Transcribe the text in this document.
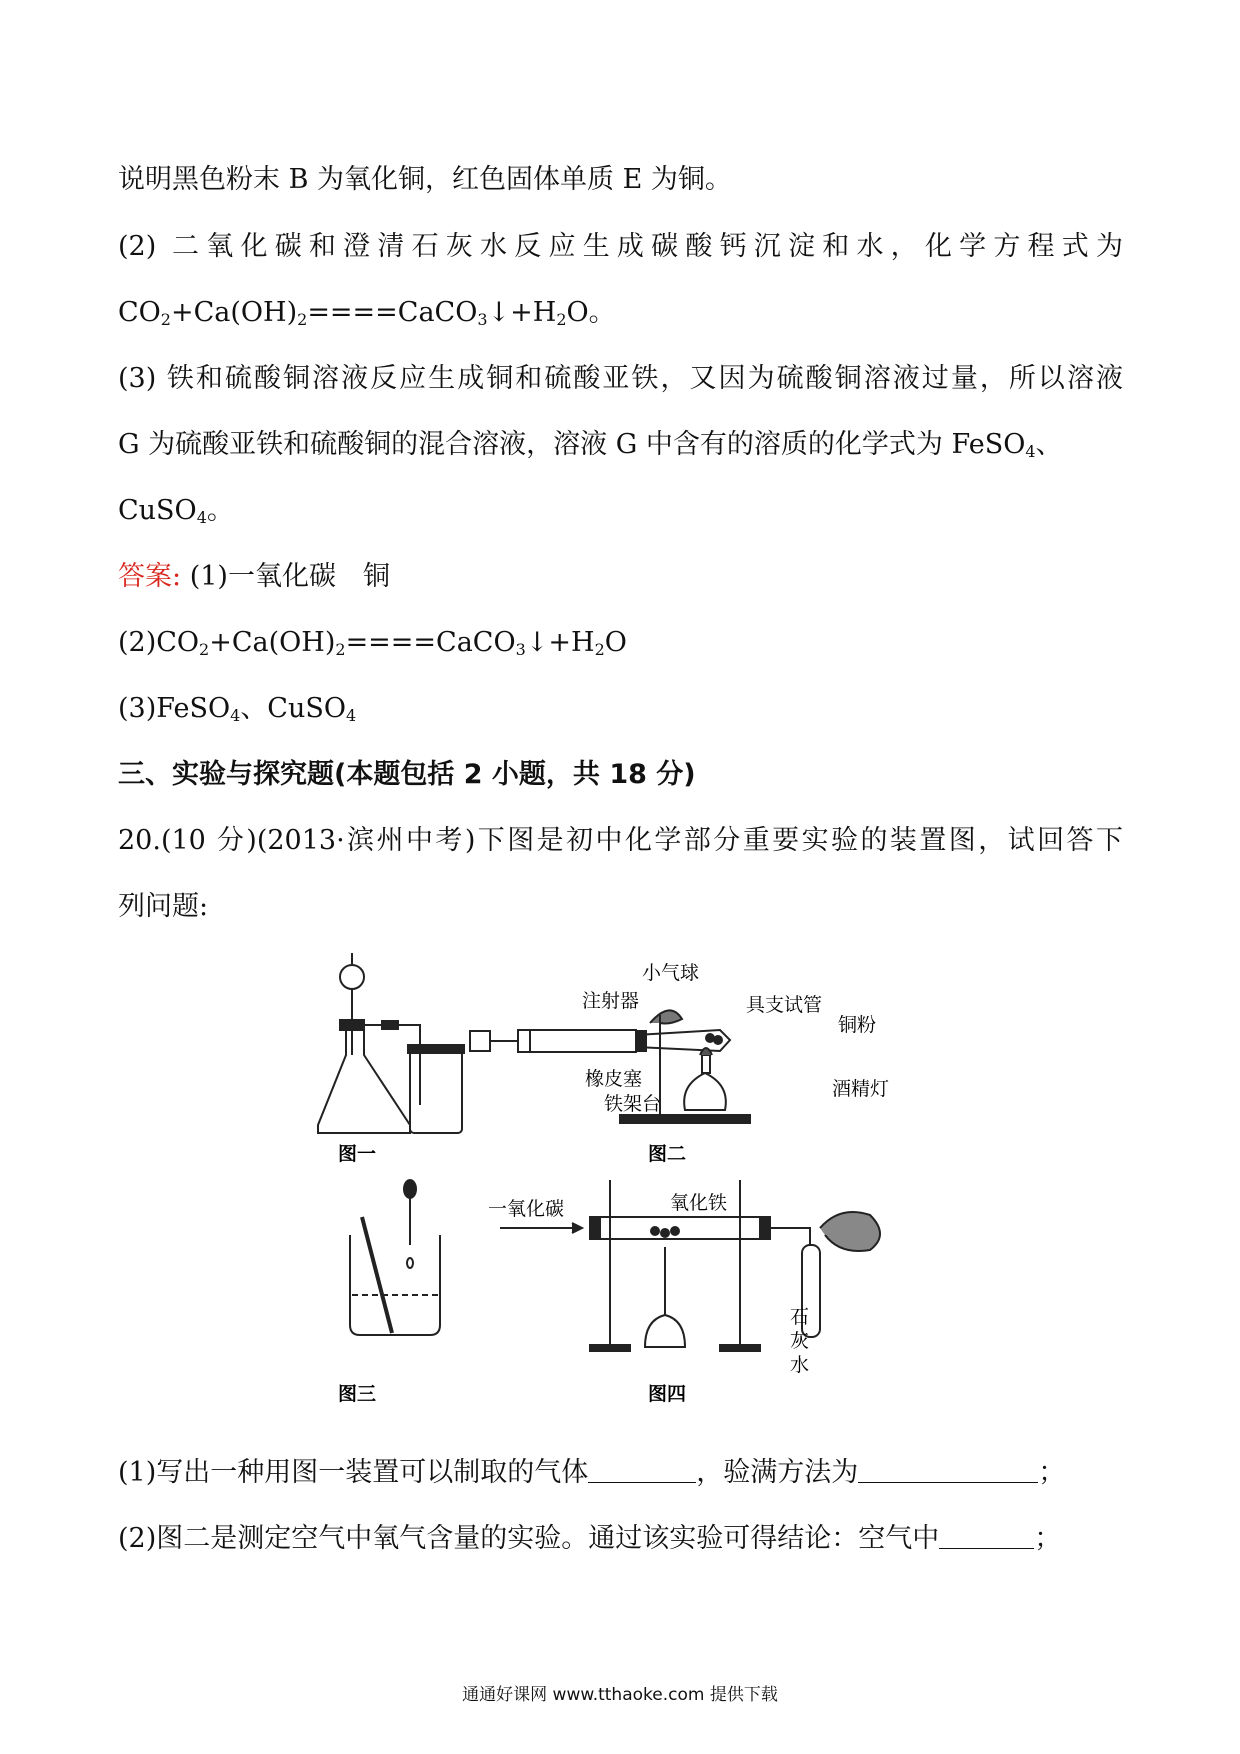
说明黑色粉末 B 为氧化铜，红色固体单质 E 为铜。
(2) 二氧化碳和澄清石灰水反应生成碳酸钙沉淀和水，化学方程式为
$CO_2+Ca(OH)_2====CaCO_3↓+H_2O$。
(3) 铁和硫酸铜溶液反应生成铜和硫酸亚铁，又因为硫酸铜溶液过量，所以溶液
G 为硫酸亚铁和硫酸铜的混合溶液，溶液 G 中含有的溶质的化学式为 FeSO$_4$、
CuSO$_4$。
答案: (1)一氧化碳　铜
$(2)CO_2+Ca(OH)_2====CaCO_3↓+H_2O$
(3)FeSO$_4$、CuSO$_4$
三、实验与探究题(本题包括 2 小题，共 18 分)
20.(10 分)(2013·滨州中考)下图是初中化学部分重要实验的装置图，试回答下
列问题:
图一	图二
图三	图四
小气球
注射器	具支试管
铜粉
橡皮塞
铁架台
酒精灯
一氧化碳	氧化铁
石
灰
水
(1)写出一种用图一装置可以制取的气体	，验满方法为	；
(2)图二是测定空气中氧气含量的实验。通过该实验可得结论：空气中	；
通通好课网 www.tthaoke.com 提供下载
